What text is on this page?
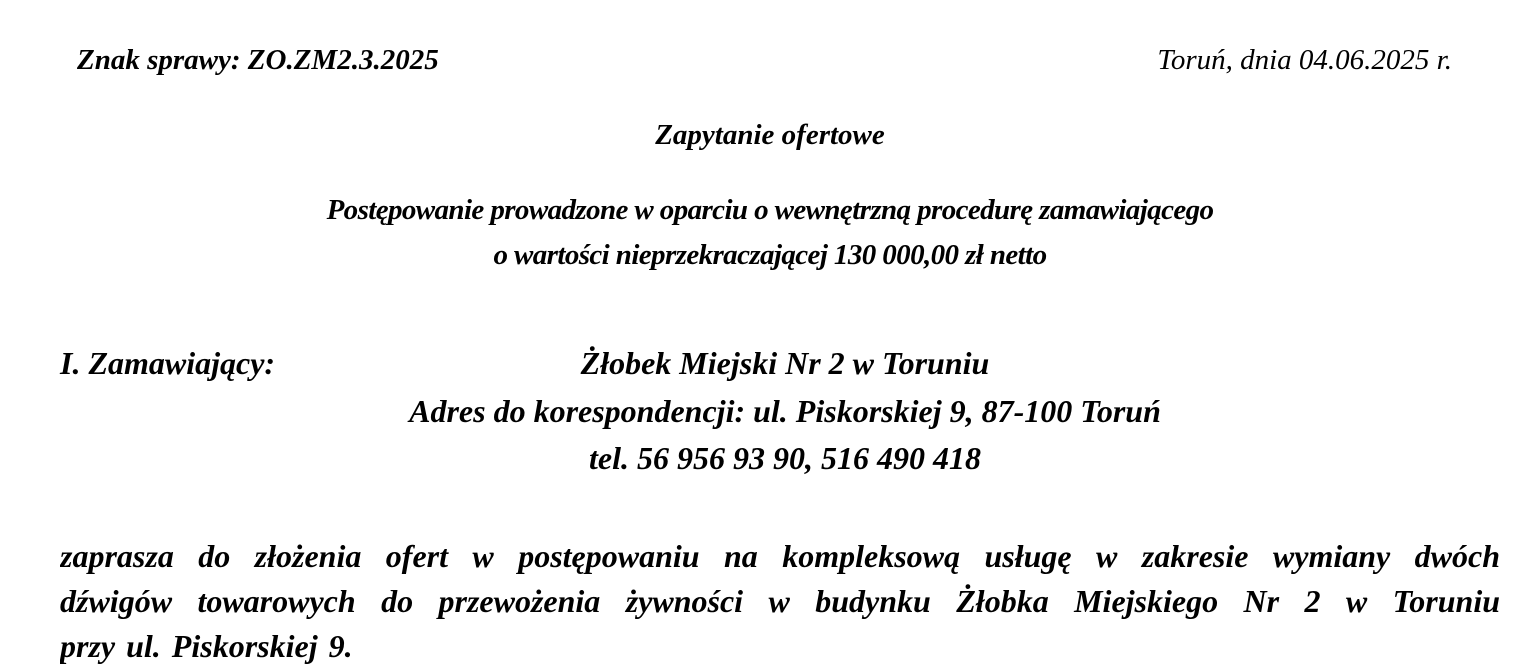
Znak sprawy: ZO.ZM2.3.2025	Toruń, dnia 04.06.2025 r.
Zapytanie ofertowe
Postępowanie prowadzone w oparciu o wewnętrzną procedurę zamawiającego
o wartości nieprzekraczającej 130 000,00 zł netto
I. Zamawiający:	Żłobek Miejski Nr 2 w Toruniu
Adres do korespondencji: ul. Piskorskiej 9, 87-100 Toruń
tel. 56 956 93 90, 516 490 418
zaprasza do złożenia ofert w postępowaniu na kompleksową usługę w zakresie wymiany dwóch
dźwigów towarowych do przewożenia żywności w budynku Żłobka Miejskiego Nr 2 w Toruniu
przy ul. Piskorskiej 9.
